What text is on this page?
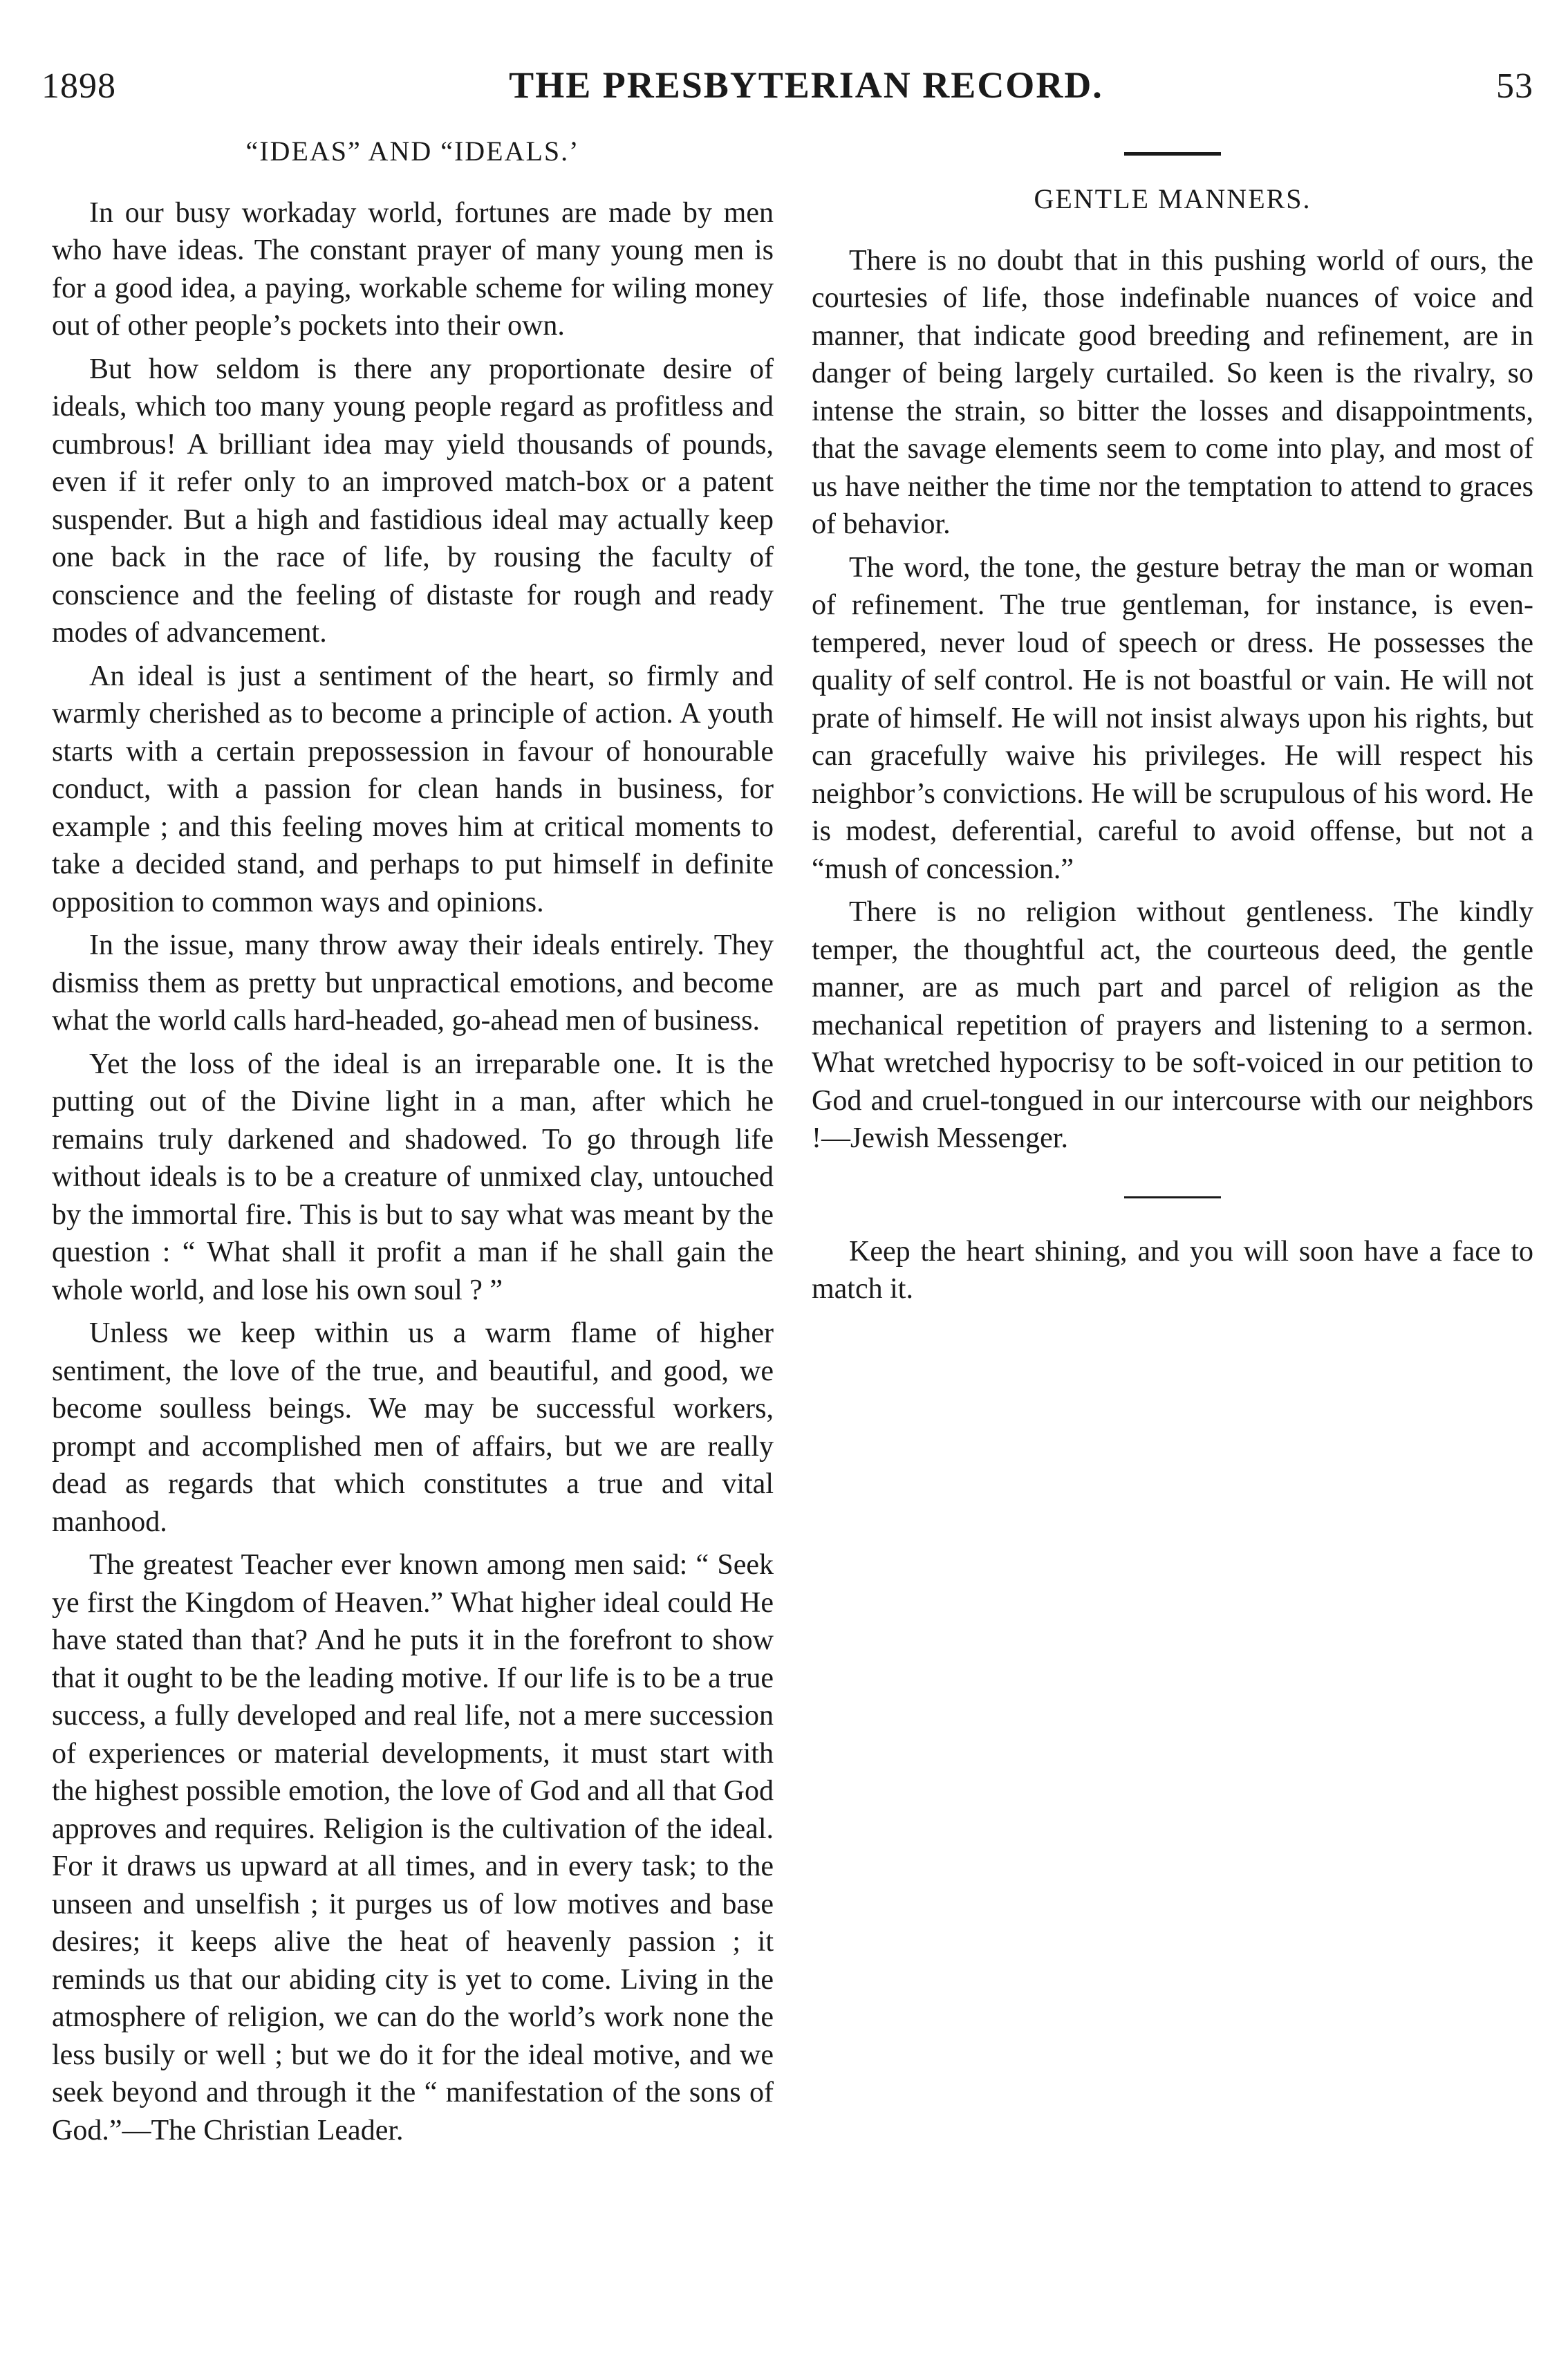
1898	THE PRESBYTERIAN RECORD.	53
“IDEAS” AND “IDEALS.’

In our busy workaday world, fortunes are made by men who have ideas. The constant prayer of many young men is for a good idea, a paying, workable scheme for wiling money out of other people’s pockets into their own.

But how seldom is there any proportionate desire of ideals, which too many young people regard as profitless and cumbrous! A brilliant idea may yield thousands of pounds, even if it refer only to an improved match-box or a patent suspender. But a high and fastidious ideal may actually keep one back in the race of life, by rousing the faculty of conscience and the feeling of distaste for rough and ready modes of advancement.

An ideal is just a sentiment of the heart, so firmly and warmly cherished as to become a principle of action. A youth starts with a certain prepossession in favour of honourable conduct, with a passion for clean hands in business, for example ; and this feeling moves him at critical moments to take a decided stand, and perhaps to put himself in definite opposition to common ways and opinions.

In the issue, many throw away their ideals entirely. They dismiss them as pretty but unpractical emotions, and become what the world calls hard-headed, go-ahead men of business.

Yet the loss of the ideal is an irreparable one. It is the putting out of the Divine light in a man, after which he remains truly darkened and shadowed. To go through life without ideals is to be a creature of unmixed clay, untouched by the immortal fire. This is but to say what was meant by the question : “ What shall it profit a man if he shall gain the whole world, and lose his own soul ? ”

Unless we keep within us a warm flame of higher sentiment, the love of the true, and beautiful, and good, we become soulless beings. We may be successful workers, prompt and accomplished men of affairs, but we are really dead as regards that which constitutes a true and vital manhood.

The greatest Teacher ever known among men said: “ Seek ye first the Kingdom of Heaven.” What higher ideal could He have stated than that? And he puts it in the forefront to show that it ought to be the leading motive. If our life is to be a true success, a fully developed and real life, not a mere succession of experiences or material developments, it must start with the highest possible emotion, the love of God and all that God approves and requires. Religion is the cultivation of the ideal. For it draws us upward at all times, and in every task; to the unseen and unselfish ; it purges us of low motives and base desires; it keeps alive the heat of heavenly passion ; it reminds us that our abiding city is yet to come. Living in the atmosphere of religion, we can do the world’s work none the less busily or well ; but we do it for the ideal motive, and we seek beyond and through it the “ manifestation of the sons of God.”—The Christian Leader.

GENTLE MANNERS.

There is no doubt that in this pushing world of ours, the courtesies of life, those indefinable nuances of voice and manner, that indicate good breeding and refinement, are in danger of being largely curtailed. So keen is the rivalry, so intense the strain, so bitter the losses and disappointments, that the savage elements seem to come into play, and most of us have neither the time nor the temptation to attend to graces of behavior.

The word, the tone, the gesture betray the man or woman of refinement. The true gentleman, for instance, is even-tempered, never loud of speech or dress. He possesses the quality of self control. He is not boastful or vain. He will not prate of himself. He will not insist always upon his rights, but can gracefully waive his privileges. He will respect his neighbor’s convictions. He will be scrupulous of his word. He is modest, deferential, careful to avoid offense, but not a “mush of concession.”

There is no religion without gentleness. The kindly temper, the thoughtful act, the courteous deed, the gentle manner, are as much part and parcel of religion as the mechanical repetition of prayers and listening to a sermon. What wretched hypocrisy to be soft-voiced in our petition to God and cruel-tongued in our intercourse with our neighbors !—Jewish Messenger.

Keep the heart shining, and you will soon have a face to match it.
